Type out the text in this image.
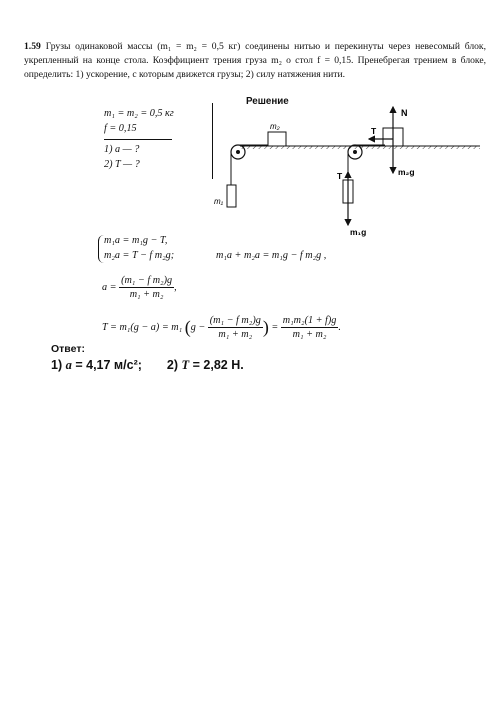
1.59 Грузы одинаковой массы (m₁ = m₂ = 0,5 кг) соединены нитью и перекинуты через невесомый блок, укрепленный на конце стола. Коэффициент трения груза m₂ о стол f = 0,15. Пренебрегая трением в блоке, определить: 1) ускорение, с которым движется грузы; 2) силу натяжения нити.
m₁ = m₂ = 0,5 кг
f = 0,15
1) a — ?
2) T — ?
Решение
m₂
m₁
N
T
T	m₂g
m₁g
m₁a = m₁g − T,
m₂a = T − f m₂g;	m₁a + m₂a = m₁g − f m₂g ,
$a = \frac{\text{(m₁ − f m₂)g}}{\text{m₁ + m₂}}$ ,
T = m₁(g − a) = m₁ ($g - \frac{\text{(m₁ − f m₂)g}}{\text{m₁ + m₂}}$ ) = $\frac{\text{m₁m₂(1 + f)g}}{\text{m₁ + m₂}}$ .
Ответ:
1) a = 4,17 м/с²; 2) T = 2,82 Н.
